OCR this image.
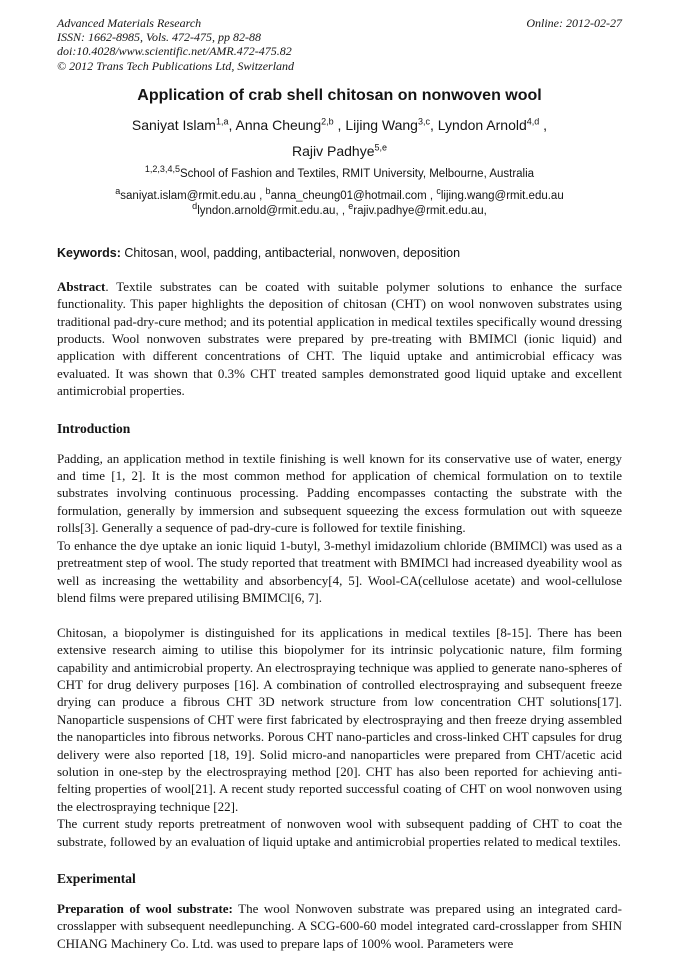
Advanced Materials Research
ISSN: 1662-8985, Vols. 472-475, pp 82-88
doi:10.4028/www.scientific.net/AMR.472-475.82
© 2012 Trans Tech Publications Ltd, Switzerland
Online: 2012-02-27
Application of crab shell chitosan on nonwoven wool
Saniyat Islam$^{1,a}$, Anna Cheung$^{2,b}$ , Lijing Wang$^{3,c}$, Lyndon Arnold$^{4,d}$ ,
Rajiv Padhye$^{5,e}$
$^{1,2,3,4,5}$School of Fashion and Textiles, RMIT University, Melbourne, Australia
$^a$saniyat.islam@rmit.edu.au , $^b$anna_cheung01@hotmail.com , $^c$lijing.wang@rmit.edu.au
$^d$lyndon.arnold@rmit.edu.au, , $^e$rajiv.padhye@rmit.edu.au,
Keywords: Chitosan, wool, padding, antibacterial, nonwoven, deposition
Abstract. Textile substrates can be coated with suitable polymer solutions to enhance the surface functionality. This paper highlights the deposition of chitosan (CHT) on wool nonwoven substrates using traditional pad-dry-cure method; and its potential application in medical textiles specifically wound dressing products. Wool nonwoven substrates were prepared by pre-treating with BMIMCl (ionic liquid) and application with different concentrations of CHT. The liquid uptake and antimicrobial efficacy was evaluated. It was shown that 0.3% CHT treated samples demonstrated good liquid uptake and excellent antimicrobial properties.
Introduction

Padding, an application method in textile finishing is well known for its conservative use of water, energy and time [1, 2]. It is the most common method for application of chemical formulation on to textile substrates involving continuous processing. Padding encompasses contacting the substrate with the formulation, generally by immersion and subsequent squeezing the excess formulation out with squeeze rolls[3]. Generally a sequence of pad-dry-cure is followed for textile finishing.

To enhance the dye uptake an ionic liquid 1-butyl, 3-methyl imidazolium chloride (BMIMCl) was used as a pretreatment step of wool. The study reported that treatment with BMIMCl had increased dyeability wool as well as increasing the wettability and absorbency[4, 5]. Wool-CA(cellulose acetate) and wool-cellulose blend films were prepared utilising BMIMCl[6, 7].

Chitosan, a biopolymer is distinguished for its applications in medical textiles [8-15]. There has been extensive research aiming to utilise this biopolymer for its intrinsic polycationic nature, film forming capability and antimicrobial property. An electrospraying technique was applied to generate nano-spheres of CHT for drug delivery purposes [16]. A combination of controlled electrospraying and subsequent freeze drying can produce a fibrous CHT 3D network structure from low concentration CHT solutions[17]. Nanoparticle suspensions of CHT were first fabricated by electrospraying and then freeze drying assembled the nanoparticles into fibrous networks. Porous CHT nano-particles and cross-linked CHT capsules for drug delivery were also reported [18, 19]. Solid micro-and nanoparticles were prepared from CHT/acetic acid solution in one-step by the electrospraying method [20]. CHT has also been reported for achieving anti-felting properties of wool[21]. A recent study reported successful coating of CHT on wool nonwoven using the electrospraying technique [22].

The current study reports pretreatment of nonwoven wool with subsequent padding of CHT to coat the substrate, followed by an evaluation of liquid uptake and antimicrobial properties related to medical textiles.

Experimental

Preparation of wool substrate: The wool Nonwoven substrate was prepared using an integrated card-crosslapper with subsequent needlepunching. A SCG-600-60 model integrated card-crosslapper from SHIN CHIANG Machinery Co. Ltd. was used to prepare laps of 100% wool. Parameters were
